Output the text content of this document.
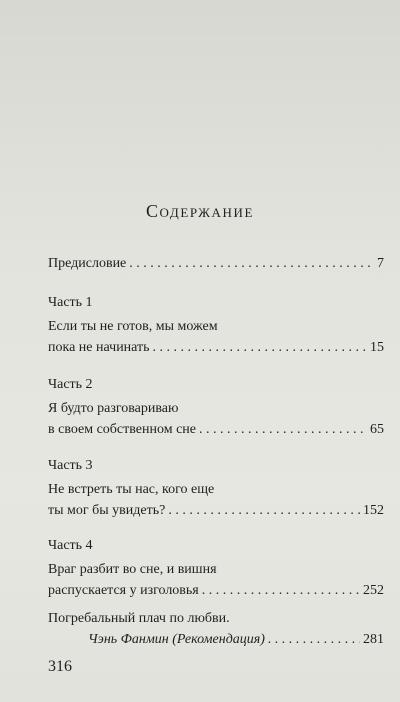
Содержание
Предисловие . . .	7
Часть 1
Если ты не готов, мы можем
пока не начинать . . .	15
Часть 2
Я будто разговариваю
в своем собственном сне . . .	65
Часть 3
Не встреть ты нас, кого еще
ты мог бы увидеть? . . .	152
Часть 4
Враг разбит во сне, и вишня
распускается у изголовья . . .	252
Погребальный плач по любви.
Чэнь Фанмин (Рекомендация) . . .	281
316
